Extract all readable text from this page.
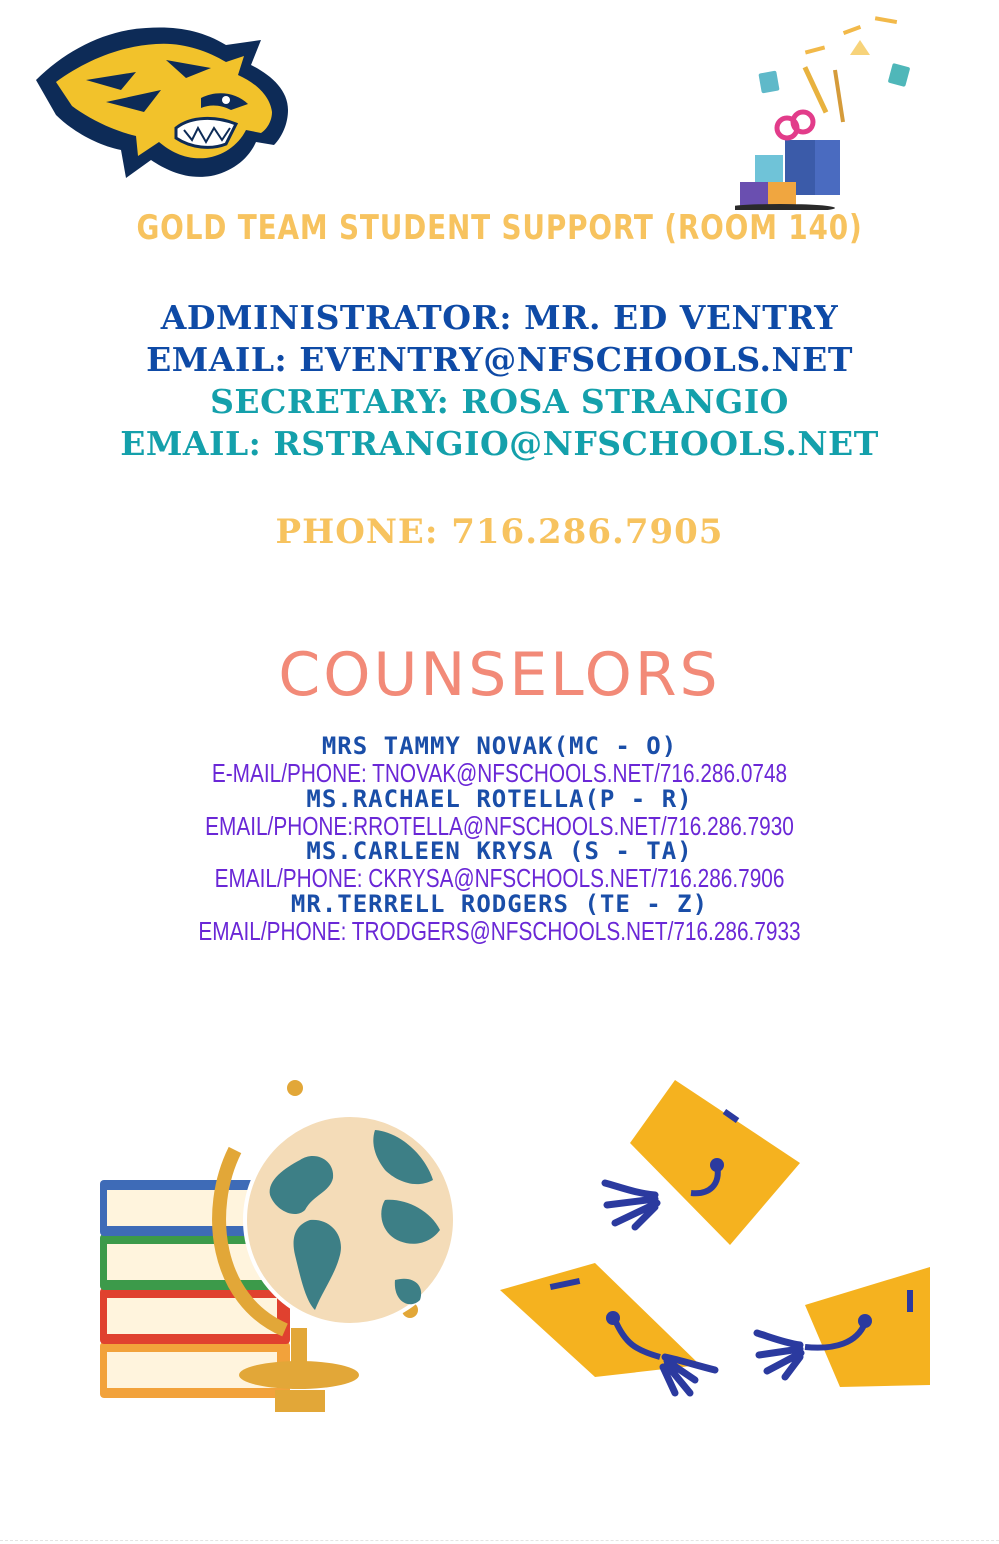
GOLD TEAM STUDENT SUPPORT (ROOM 140)
ADMINISTRATOR: MR. ED VENTRY
EMAIL: EVENTRY@NFSCHOOLS.NET
SECRETARY: ROSA STRANGIO
EMAIL: RSTRANGIO@NFSCHOOLS.NET
PHONE: 716.286.7905
COUNSELORS
MRS TAMMY NOVAK(MC - O)
E-MAIL/PHONE: TNOVAK@NFSCHOOLS.NET/716.286.0748
MS.RACHAEL ROTELLA(P - R)
EMAIL/PHONE:RROTELLA@NFSCHOOLS.NET/716.286.7930
MS.CARLEEN KRYSA (S - TA)
EMAIL/PHONE: CKRYSA@NFSCHOOLS.NET/716.286.7906
MR.TERRELL RODGERS (TE - Z)
EMAIL/PHONE: TRODGERS@NFSCHOOLS.NET/716.286.7933
